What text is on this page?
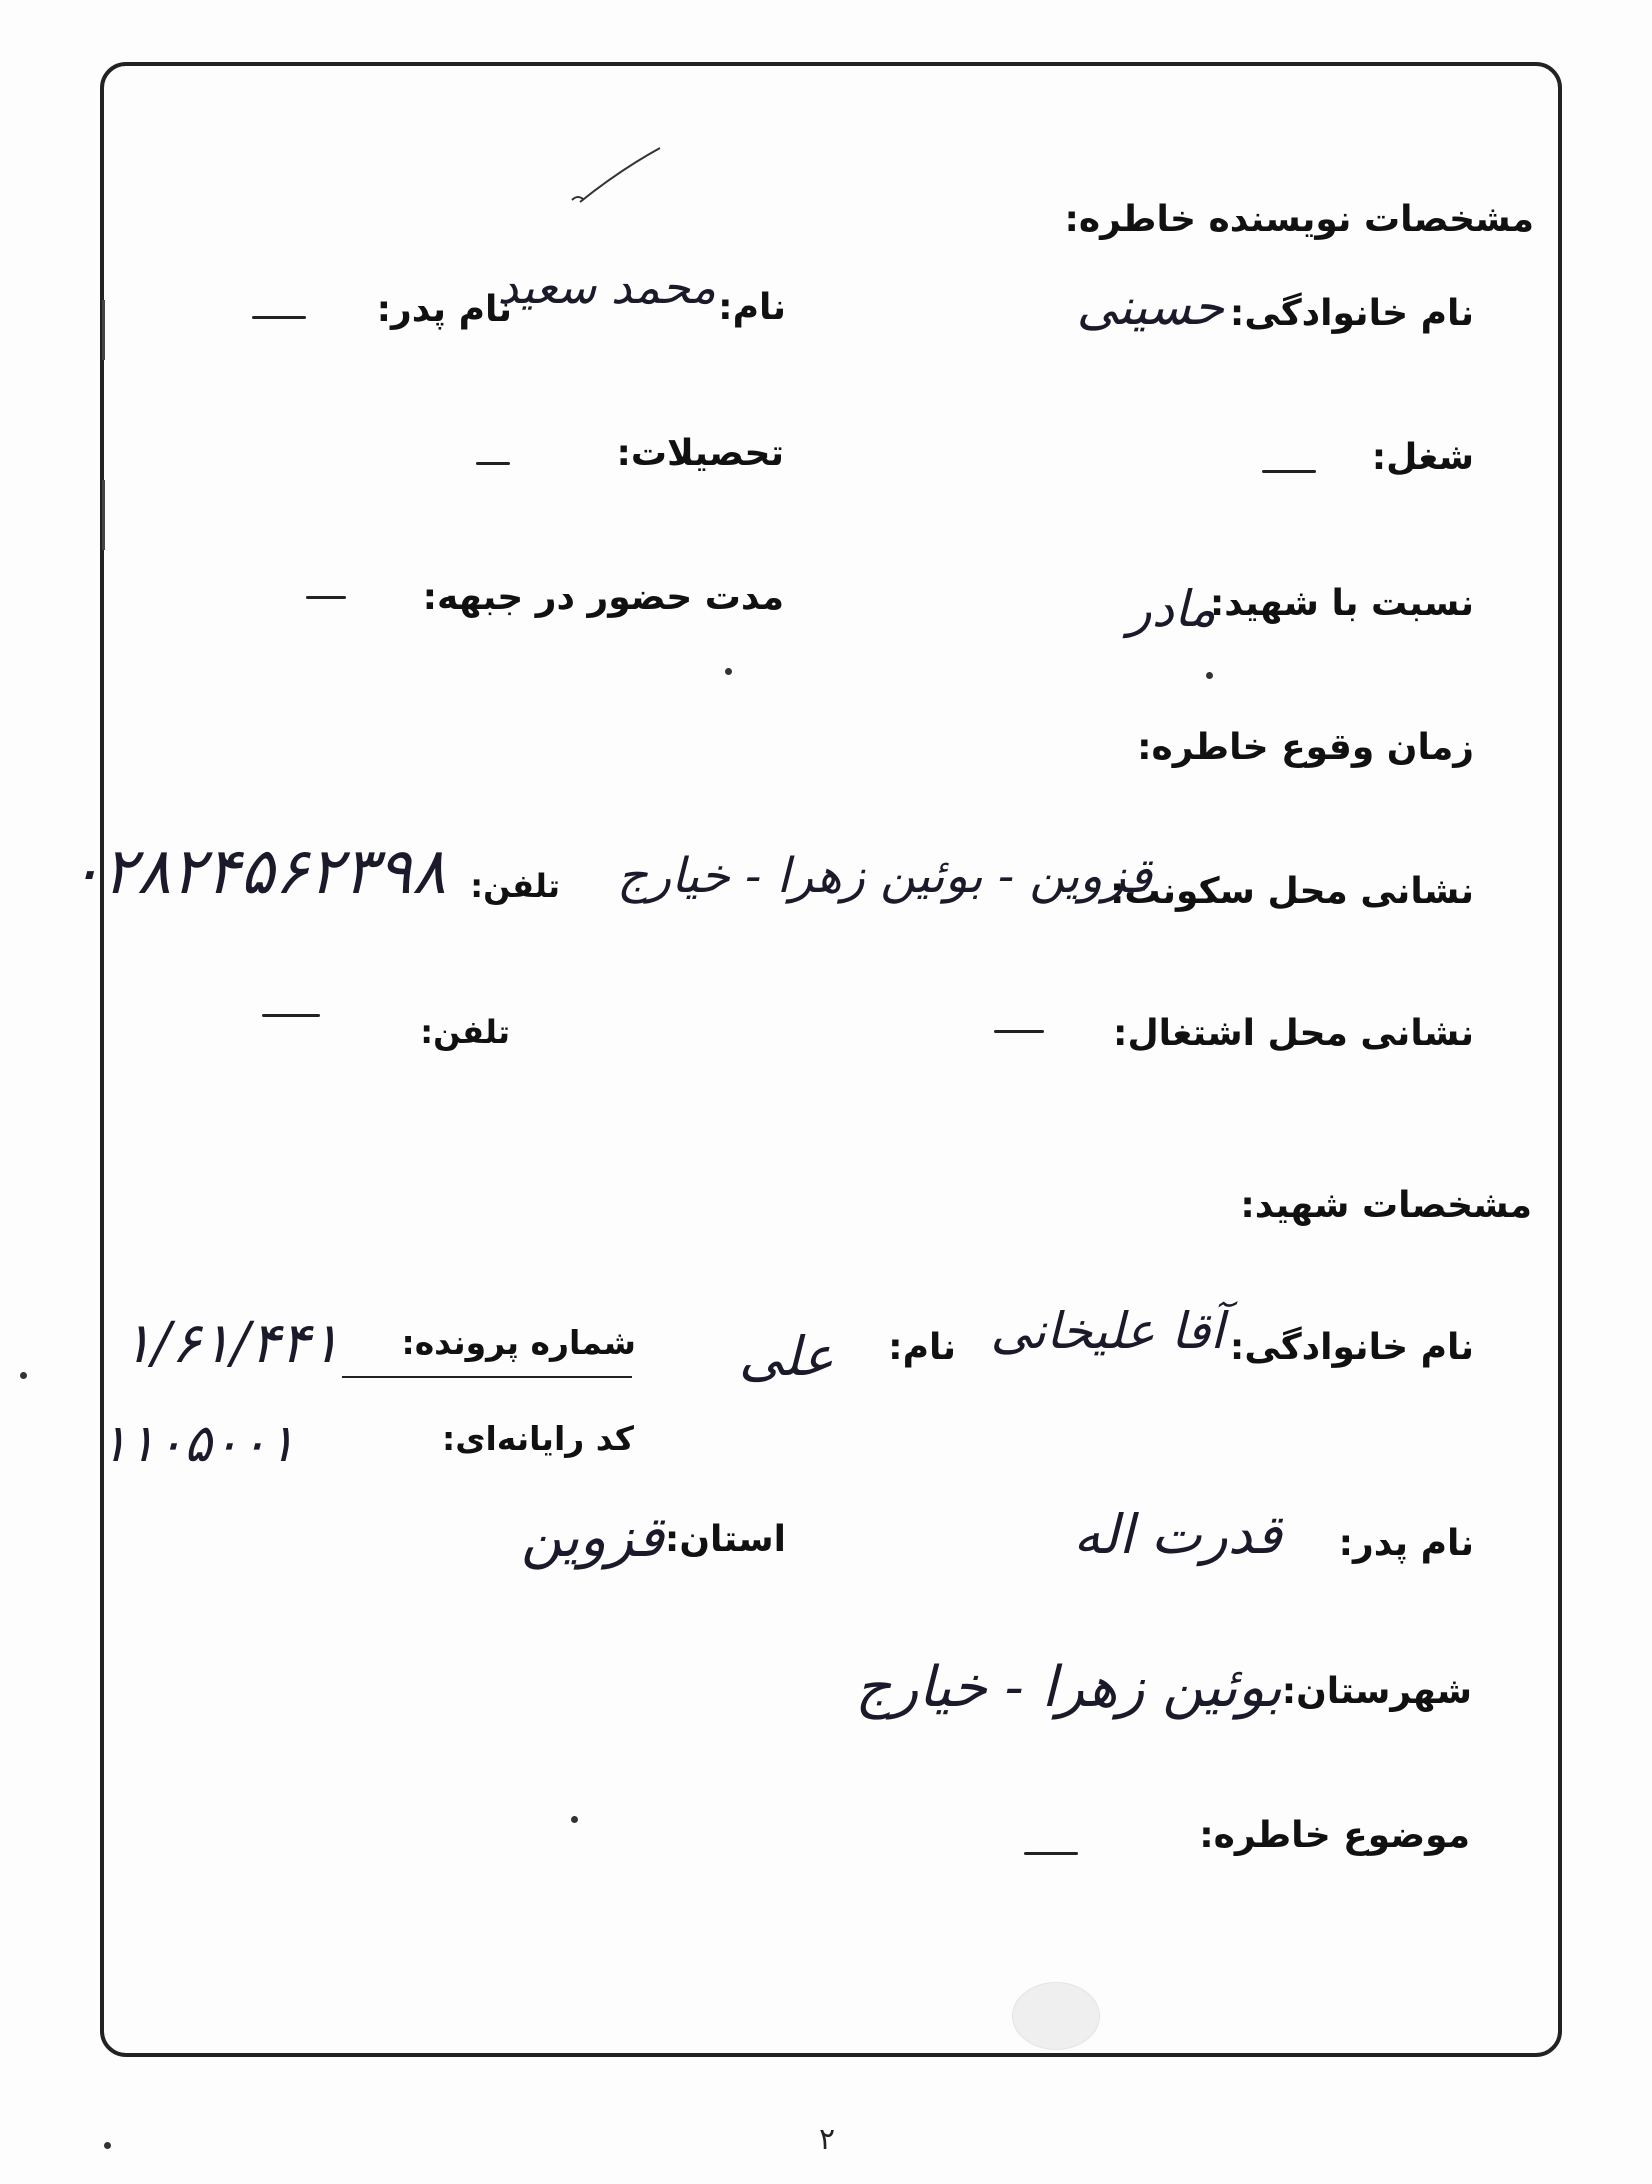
مشخصات نویسنده خاطره:
نام خانوادگی:
حسینی
نام:
محمد سعید
نام پدر:
شغل:
تحصیلات:
نسبت با شهید:
مادر
مدت حضور در جبهه:
زمان وقوع خاطره:
نشانی محل سکونت:
قزوین - بوئین زهرا - خیارج
تلفن:
۰۲۸۲۴۵۶۲۳۹۸
نشانی محل اشتغال:
تلفن:
مشخصات شهید:
نام خانوادگی:
آقا علیخانی
نام:
علی
شماره پرونده:
۱/۶۱/۴۴۱
کد رایانه‌ای:
۱۱۰۵۰۰۱
نام پدر:
قدرت اله
استان:
قزوین
شهرستان:
بوئین زهرا - خیارج
موضوع خاطره:
۲
